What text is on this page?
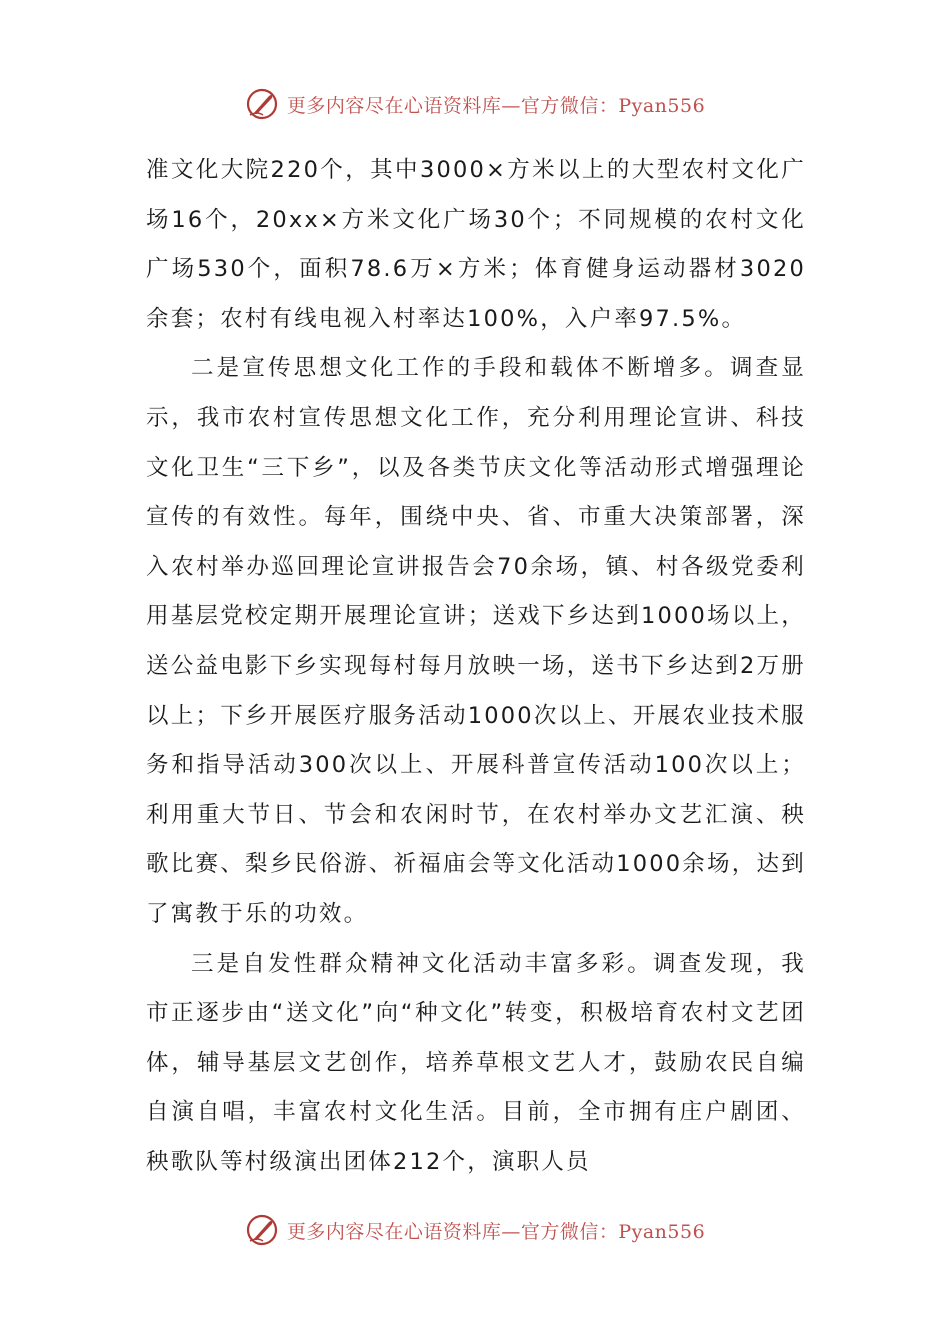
更多内容尽在心语资料库—官方微信：Pyan556

准文化大院220个，其中3000×方米以上的大型农村文化广场16个，20xx×方米文化广场30个；不同规模的农村文化广场530个，面积78.6万×方米；体育健身运动器材3020余套；农村有线电视入村率达100%，入户率97.5%。

二是宣传思想文化工作的手段和载体不断增多。调查显示，我市农村宣传思想文化工作，充分利用理论宣讲、科技文化卫生“三下乡”，以及各类节庆文化等活动形式增强理论宣传的有效性。每年，围绕中央、省、市重大决策部署，深入农村举办巡回理论宣讲报告会70余场，镇、村各级党委利用基层党校定期开展理论宣讲；送戏下乡达到1000场以上，送公益电影下乡实现每村每月放映一场，送书下乡达到2万册以上；下乡开展医疗服务活动1000次以上、开展农业技术服务和指导活动300次以上、开展科普宣传活动100次以上；利用重大节日、节会和农闲时节，在农村举办文艺汇演、秧歌比赛、梨乡民俗游、祈福庙会等文化活动1000余场，达到了寓教于乐的功效。

三是自发性群众精神文化活动丰富多彩。调查发现，我市正逐步由“送文化”向“种文化”转变，积极培育农村文艺团体，辅导基层文艺创作，培养草根文艺人才，鼓励农民自编自演自唱，丰富农村文化生活。目前，全市拥有庄户剧团、秧歌队等村级演出团体212个，演职人员

更多内容尽在心语资料库—官方微信：Pyan556
